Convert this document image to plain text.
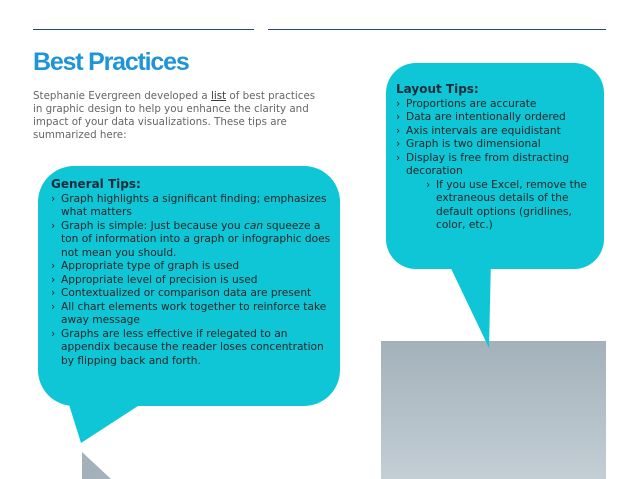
Best Practices

Stephanie Evergreen developed a list of best practices in graphic design to help you enhance the clarity and impact of your data visualizations. These tips are summarized here:

General Tips:
› Graph highlights a significant finding; emphasizes what matters
› Graph is simple: Just because you can squeeze a ton of information into a graph or infographic does not mean you should.
› Appropriate type of graph is used
› Appropriate level of precision is used
› Contextualized or comparison data are present
› All chart elements work together to reinforce take away message
› Graphs are less effective if relegated to an appendix because the reader loses concentration by flipping back and forth.
Layout Tips:
› Proportions are accurate
› Data are intentionally ordered
› Axis intervals are equidistant
› Graph is two dimensional
› Display is free from distracting decoration
› If you use Excel, remove the extraneous details of the default options (gridlines, color, etc.)
18
